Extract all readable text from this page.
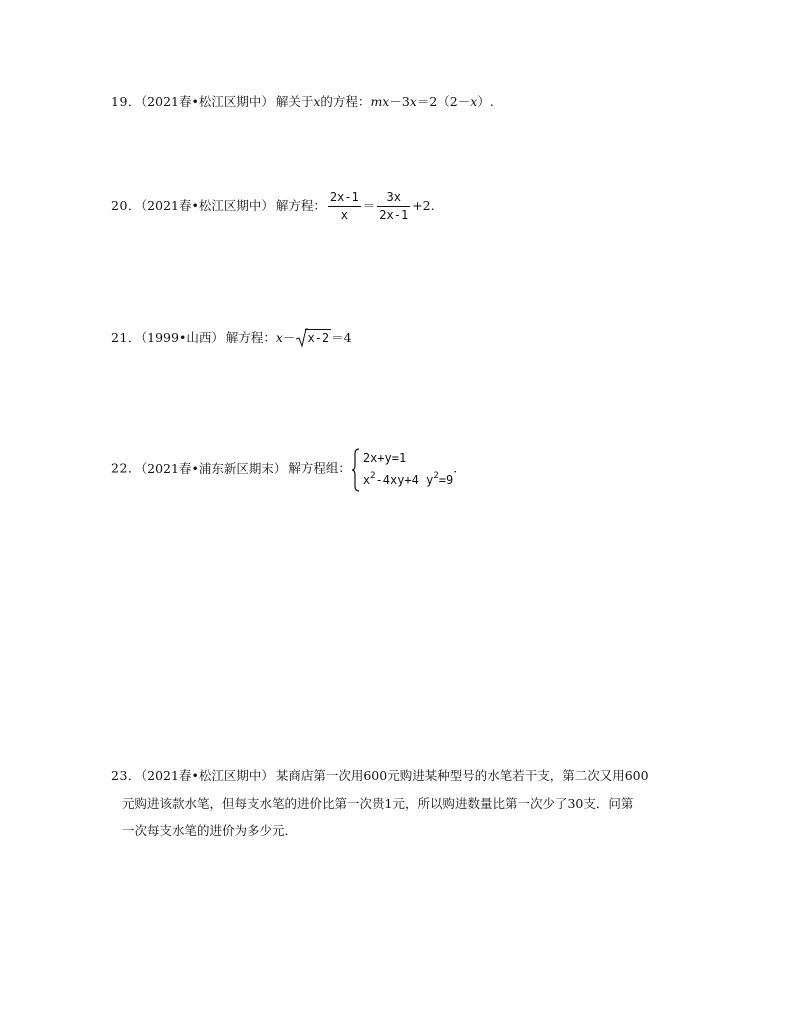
19．（2021春•松江区期中） 解关于x的方程：mx－3x＝2（2－x）.
20．（2021春•松江区期中） 解方程： $\frac{2x-1}{x} = \frac{3x}{2x-1} +2$.
21．（1999•山西） 解方程：x－ x-2 ＝4
22．（2021春•浦东新区期末） 解方程组：
2x+y=1
$x^2-4xy+4$ $y^2=9$
.
23．（2021春•松江区期中） 某商店第一次用600元购进某种型号的水笔若干支，第二次又用600
元购进该款水笔，但每支水笔的进价比第一次贵1元，所以购进数量比第一次少了30支．问第
一次每支水笔的进价为多少元．
